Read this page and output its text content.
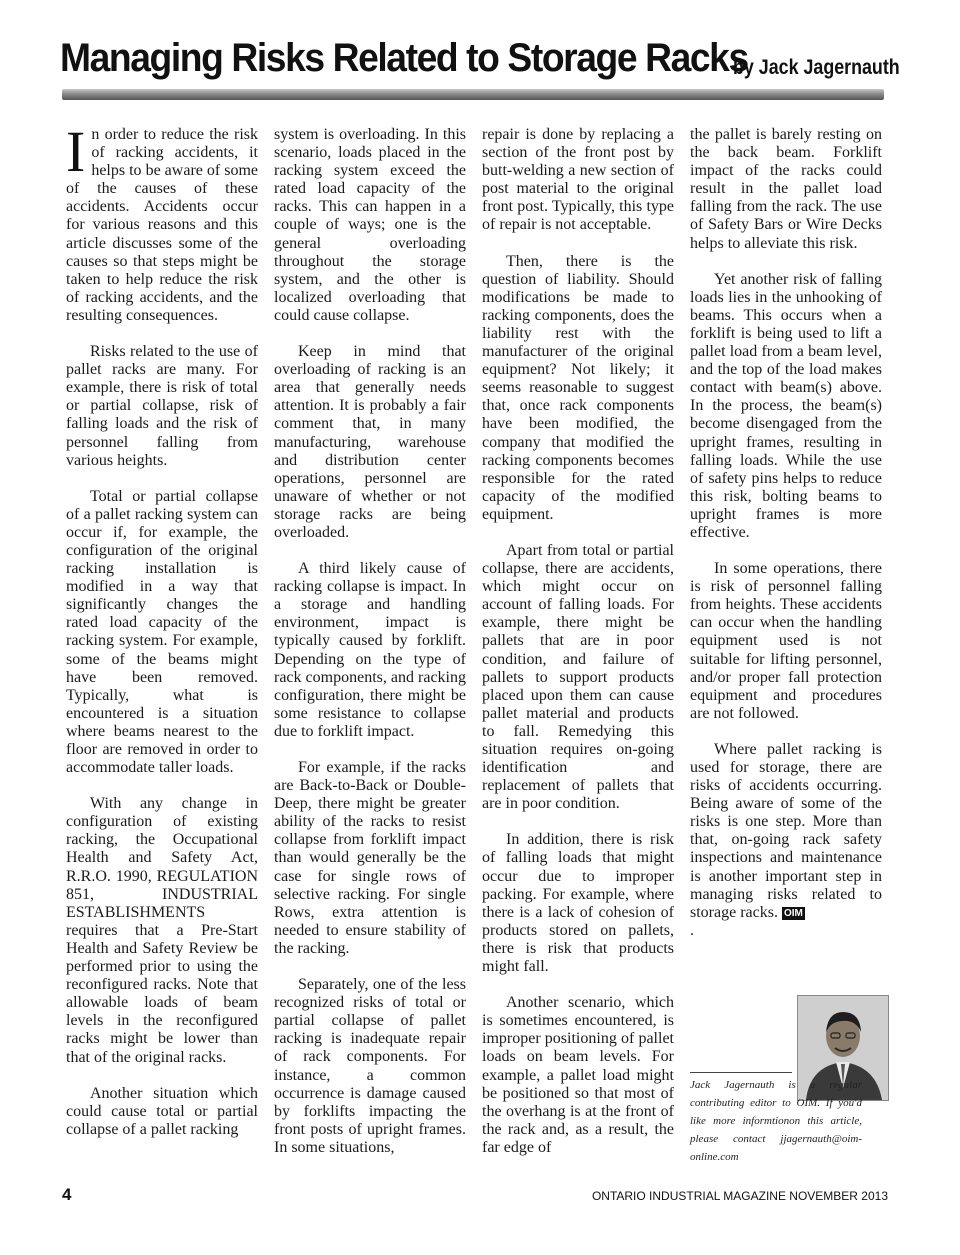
Managing Risks Related to Storage Racks
by Jack Jagernauth

In order to reduce the risk of racking accidents, it helps to be aware of some of the causes of these accidents. Accidents occur for various reasons and this article discusses some of the causes so that steps might be taken to help reduce the risk of racking accidents, and the resulting consequences.

Risks related to the use of pallet racks are many. For example, there is risk of total or partial collapse, risk of falling loads and the risk of personnel falling from various heights.

Total or partial collapse of a pallet racking system can occur if, for example, the configuration of the original racking installation is modified in a way that significantly changes the rated load capacity of the racking system. For example, some of the beams might have been removed. Typically, what is encountered is a situation where beams nearest to the floor are removed in order to accommodate taller loads.

With any change in configuration of existing racking, the Occupational Health and Safety Act, R.R.O. 1990, REGULATION 851, INDUSTRIAL ESTABLISHMENTS requires that a Pre-Start Health and Safety Review be performed prior to using the reconfigured racks. Note that allowable loads of beam levels in the reconfigured racks might be lower than that of the original racks.

Another situation which could cause total or partial collapse of a pallet racking

system is overloading. In this scenario, loads placed in the racking system exceed the rated load capacity of the racks. This can happen in a couple of ways; one is the general overloading throughout the storage system, and the other is localized overloading that could cause collapse.

Keep in mind that overloading of racking is an area that generally needs attention. It is probably a fair comment that, in many manufacturing, warehouse and distribution center operations, personnel are unaware of whether or not storage racks are being overloaded.

A third likely cause of racking collapse is impact. In a storage and handling environment, impact is typically caused by forklift. Depending on the type of rack components, and racking configuration, there might be some resistance to collapse due to forklift impact.

For example, if the racks are Back-to-Back or Double-Deep, there might be greater ability of the racks to resist collapse from forklift impact than would generally be the case for single rows of selective racking. For single Rows, extra attention is needed to ensure stability of the racking.

Separately, one of the less recognized risks of total or partial collapse of pallet racking is inadequate repair of rack components. For instance, a common occurrence is damage caused by forklifts impacting the front posts of upright frames. In some situations,

repair is done by replacing a section of the front post by butt-welding a new section of post material to the original front post. Typically, this type of repair is not acceptable.

Then, there is the question of liability. Should modifications be made to racking components, does the liability rest with the manufacturer of the original equipment? Not likely; it seems reasonable to suggest that, once rack components have been modified, the company that modified the racking components becomes responsible for the rated capacity of the modified equipment.

Apart from total or partial collapse, there are accidents, which might occur on account of falling loads. For example, there might be pallets that are in poor condition, and failure of pallets to support products placed upon them can cause pallet material and products to fall. Remedying this situation requires on-going identification and replacement of pallets that are in poor condition.

In addition, there is risk of falling loads that might occur due to improper packing. For example, where there is a lack of cohesion of products stored on pallets, there is risk that products might fall.

Another scenario, which is sometimes encountered, is improper positioning of pallet loads on beam levels. For example, a pallet load might be positioned so that most of the overhang is at the front of the rack and, as a result, the far edge of

the pallet is barely resting on the back beam. Forklift impact of the racks could result in the pallet load falling from the rack. The use of Safety Bars or Wire Decks helps to alleviate this risk.

Yet another risk of falling loads lies in the unhooking of beams. This occurs when a forklift is being used to lift a pallet load from a beam level, and the top of the load makes contact with beam(s) above. In the process, the beam(s) become disengaged from the upright frames, resulting in falling loads. While the use of safety pins helps to reduce this risk, bolting beams to upright frames is more effective.

In some operations, there is risk of personnel falling from heights. These accidents can occur when the handling equipment used is not suitable for lifting personnel, and/or proper fall protection equipment and procedures are not followed.

Where pallet racking is used for storage, there are risks of accidents occurring. Being aware of some of the risks is one step. More than that, on-going rack safety inspections and maintenance is another important step in managing risks related to storage racks. OIM

.
Jack Jagernauth is a regular contributing editor to OIM. If you'd like more informtionon this article, please contact jjagernauth@oim-online.com
4	ONTARIO INDUSTRIAL MAGAZINE NOVEMBER 2013
